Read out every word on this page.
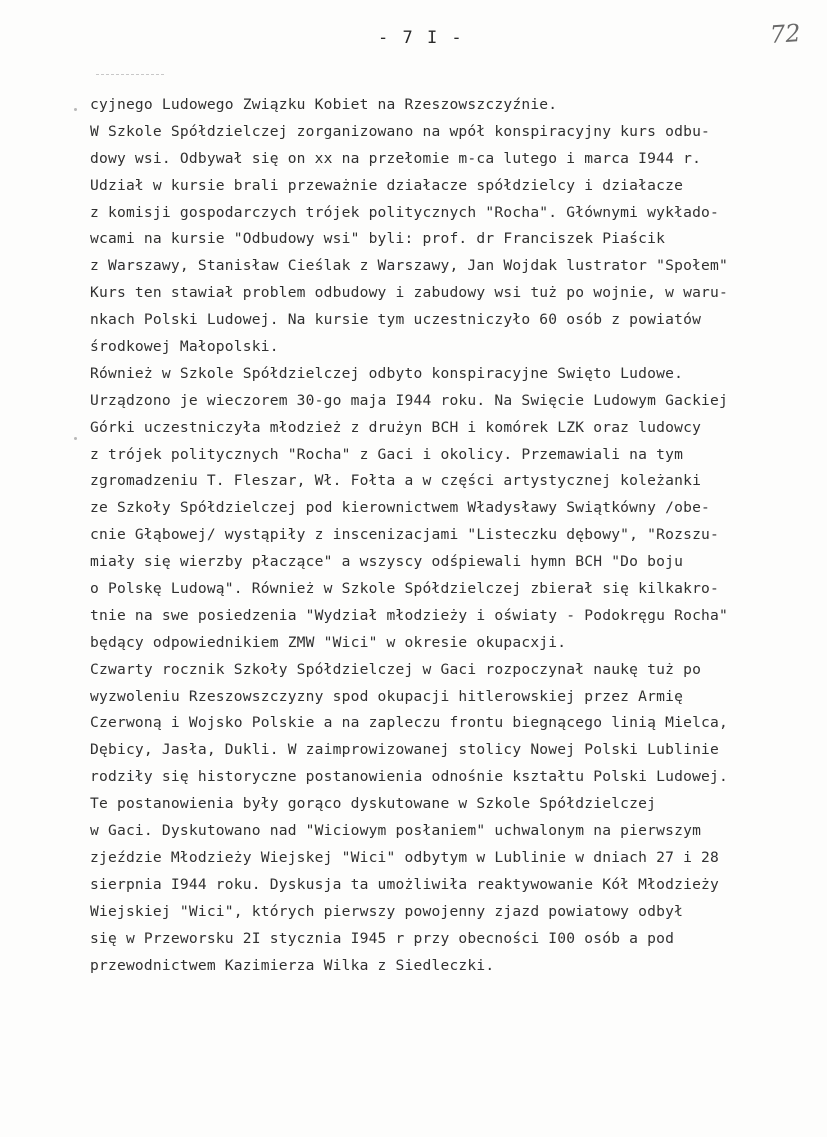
- 7 I -	72
cyjnego Ludowego Związku Kobiet na Rzeszowszczyźnie.
W Szkole Spółdzielczej zorganizowano na wpół konspiracyjny kurs odbu-
dowy wsi. Odbywał się on xx na przełomie m-ca lutego i marca I944 r.
Udział w kursie brali przeważnie działacze spółdzielcy i działacze
z komisji gospodarczych trójek politycznych "Rocha". Głównymi wykłado-
wcami na kursie "Odbudowy wsi" byli: prof. dr Franciszek Piaścik
z Warszawy, Stanisław Cieślak z Warszawy, Jan Wojdak lustrator "Społem"
Kurs ten stawiał problem odbudowy i zabudowy wsi tuż po wojnie, w waru-
nkach Polski Ludowej. Na kursie tym uczestniczyło 60 osób z powiatów
środkowej Małopolski.
Również w Szkole Spółdzielczej odbyto konspiracyjne Swięto Ludowe.
Urządzono je wieczorem 30-go maja I944 roku. Na Swięcie Ludowym Gackiej
Górki uczestniczyła młodzież z drużyn BCH i komórek LZK oraz ludowcy
z trójek politycznych "Rocha" z Gaci i okolicy. Przemawiali na tym
zgromadzeniu T. Fleszar, Wł. Fołta a w części artystycznej koleżanki
ze Szkoły Spółdzielczej pod kierownictwem Władysławy Swiątkówny /obe-
cnie Głąbowej/ wystąpiły z inscenizacjami "Listeczku dębowy", "Rozszu-
miały się wierzby płaczące" a wszyscy odśpiewali hymn BCH "Do boju
o Polskę Ludową". Również w Szkole Spółdzielczej zbierał się kilkakro-
tnie na swe posiedzenia "Wydział młodzieży i oświaty - Podokręgu Rocha"
będący odpowiednikiem ZMW "Wici" w okresie okupacxji.
Czwarty rocznik Szkoły Spółdzielczej w Gaci rozpoczynał naukę tuż po
wyzwoleniu Rzeszowszczyzny spod okupacji hitlerowskiej przez Armię
Czerwoną i Wojsko Polskie a na zapleczu frontu biegnącego linią Mielca,
Dębicy, Jasła, Dukli. W zaimprowizowanej stolicy Nowej Polski Lublinie
rodziły się historyczne postanowienia odnośnie kształtu Polski Ludowej.
Te postanowienia były gorąco dyskutowane w Szkole Spółdzielczej
w Gaci. Dyskutowano nad "Wiciowym posłaniem" uchwalonym na pierwszym
zjeździe Młodzieży Wiejskej "Wici" odbytym w Lublinie w dniach 27 i 28
sierpnia I944 roku. Dyskusja ta umożliwiła reaktywowanie Kół Młodzieży
Wiejskiej "Wici", których pierwszy powojenny zjazd powiatowy odbył
się w Przeworsku 2I stycznia I945 r przy obecności I00 osób a pod
przewodnictwem Kazimierza Wilka z Siedleczki.
